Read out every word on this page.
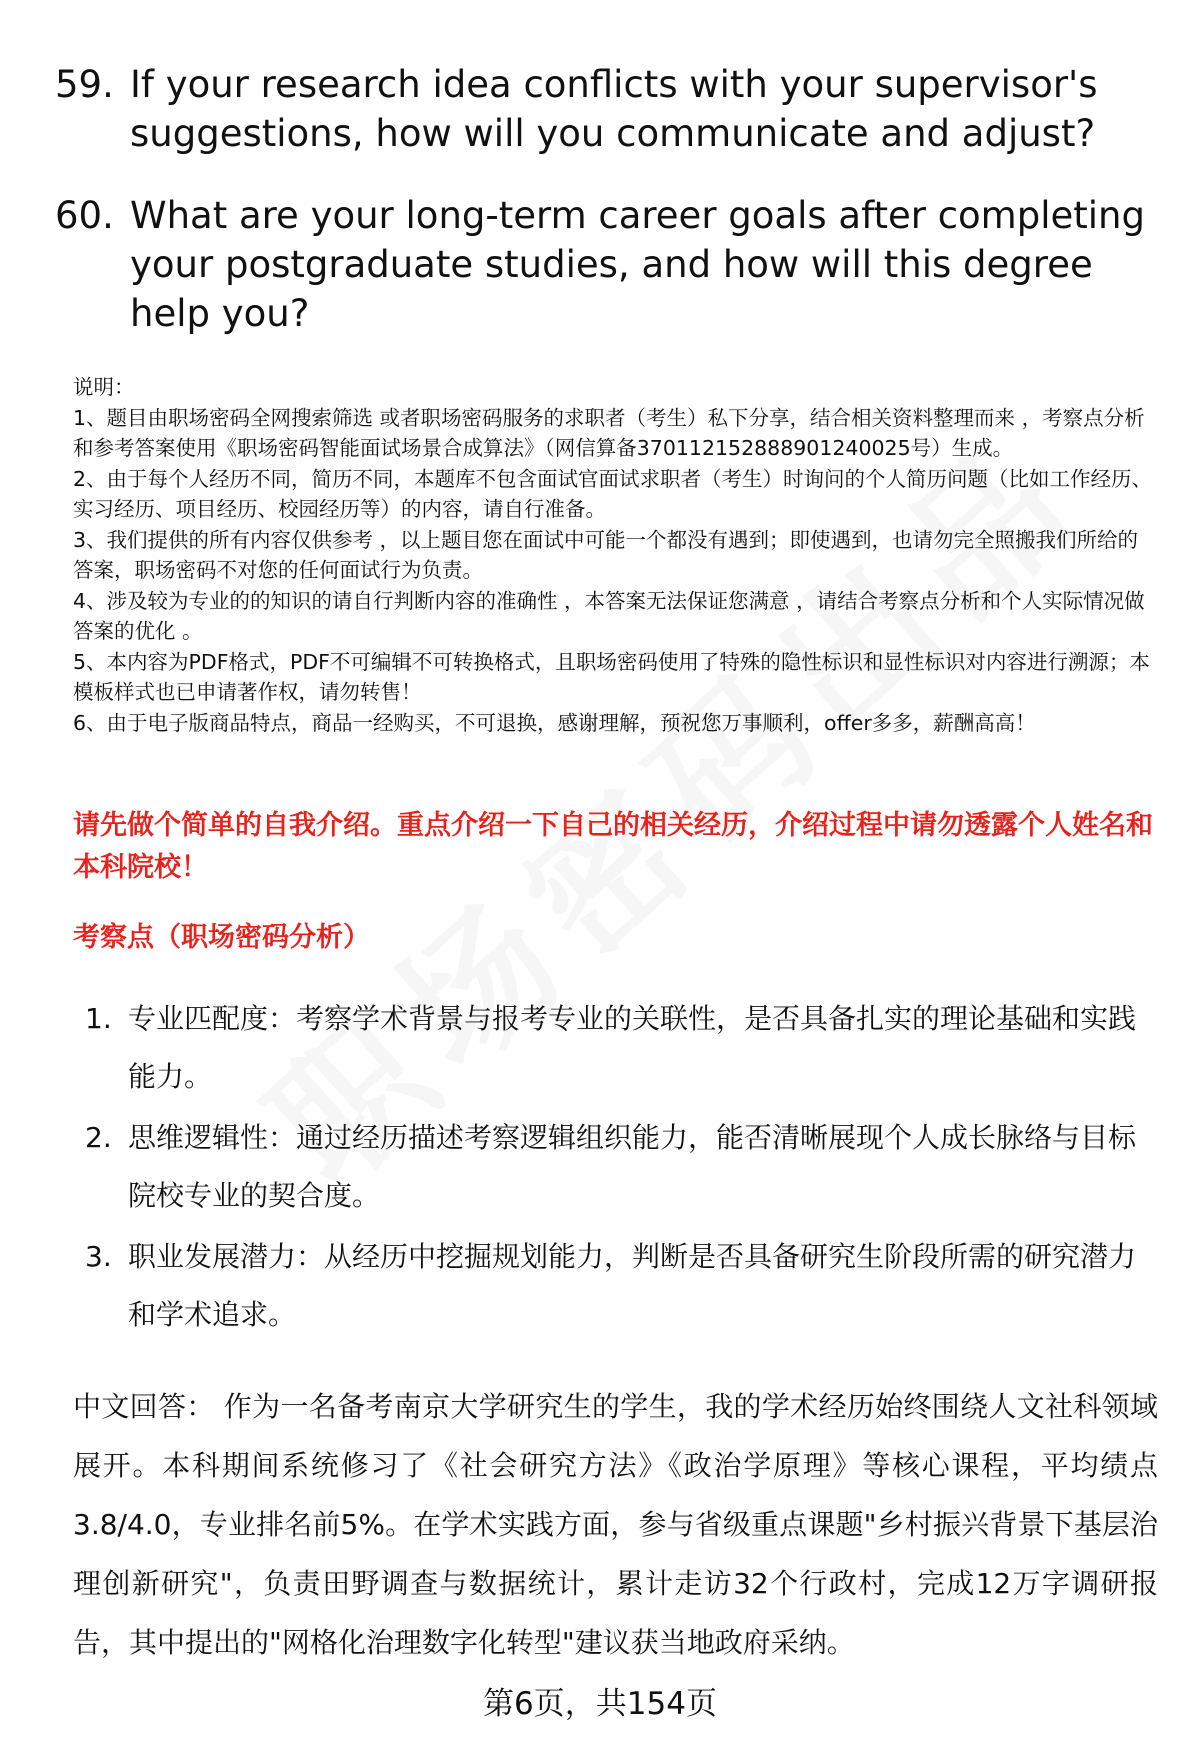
59. If your research idea conflicts with your supervisor's suggestions, how will you communicate and adjust?
60. What are your long-term career goals after completing your postgraduate studies, and how will this degree help you?

说明：

1、题目由职场密码全网搜索筛选 或者职场密码服务的求职者（考生）私下分享，结合相关资料整理而来 ，考察点分析和参考答案使用《职场密码智能面试场景合成算法》（网信算备370112152888901240025号）生成。

2、由于每个人经历不同，简历不同，本题库不包含面试官面试求职者（考生）时询问的个人简历问题（比如工作经历、实习经历、项目经历、校园经历等）的内容，请自行准备。

3、我们提供的所有内容仅供参考 ，以上题目您在面试中可能一个都没有遇到；即使遇到，也请勿完全照搬我们所给的答案，职场密码不对您的任何面试行为负责。

4、涉及较为专业的的知识的请自行判断内容的准确性 ，本答案无法保证您满意 ，请结合考察点分析和个人实际情况做答案的优化 。

5、本内容为PDF格式，PDF不可编辑不可转换格式，且职场密码使用了特殊的隐性标识和显性标识对内容进行溯源；本模板样式也已申请著作权，请勿转售！

6、由于电子版商品特点，商品一经购买，不可退换，感谢理解，预祝您万事顺利，offer多多，薪酬高高！

请先做个简单的自我介绍。重点介绍一下自己的相关经历，介绍过程中请勿透露个人姓名和本科院校！
考察点（职场密码分析）
1. 专业匹配度：考察学术背景与报考专业的关联性，是否具备扎实的理论基础和实践能力。
2. 思维逻辑性：通过经历描述考察逻辑组织能力，能否清晰展现个人成长脉络与目标院校专业的契合度。
3. 职业发展潜力：从经历中挖掘规划能力，判断是否具备研究生阶段所需的研究潜力和学术追求。
中文回答： 作为一名备考南京大学研究生的学生，我的学术经历始终围绕人文社科领域展开。本科期间系统修习了《社会研究方法》《政治学原理》等核心课程，平均绩点3.8/4.0，专业排名前5%。在学术实践方面，参与省级重点课题"乡村振兴背景下基层治理创新研究"，负责田野调查与数据统计，累计走访32个行政村，完成12万字调研报告，其中提出的"网格化治理数字化转型"建议获当地政府采纳。
第6页，共154页
